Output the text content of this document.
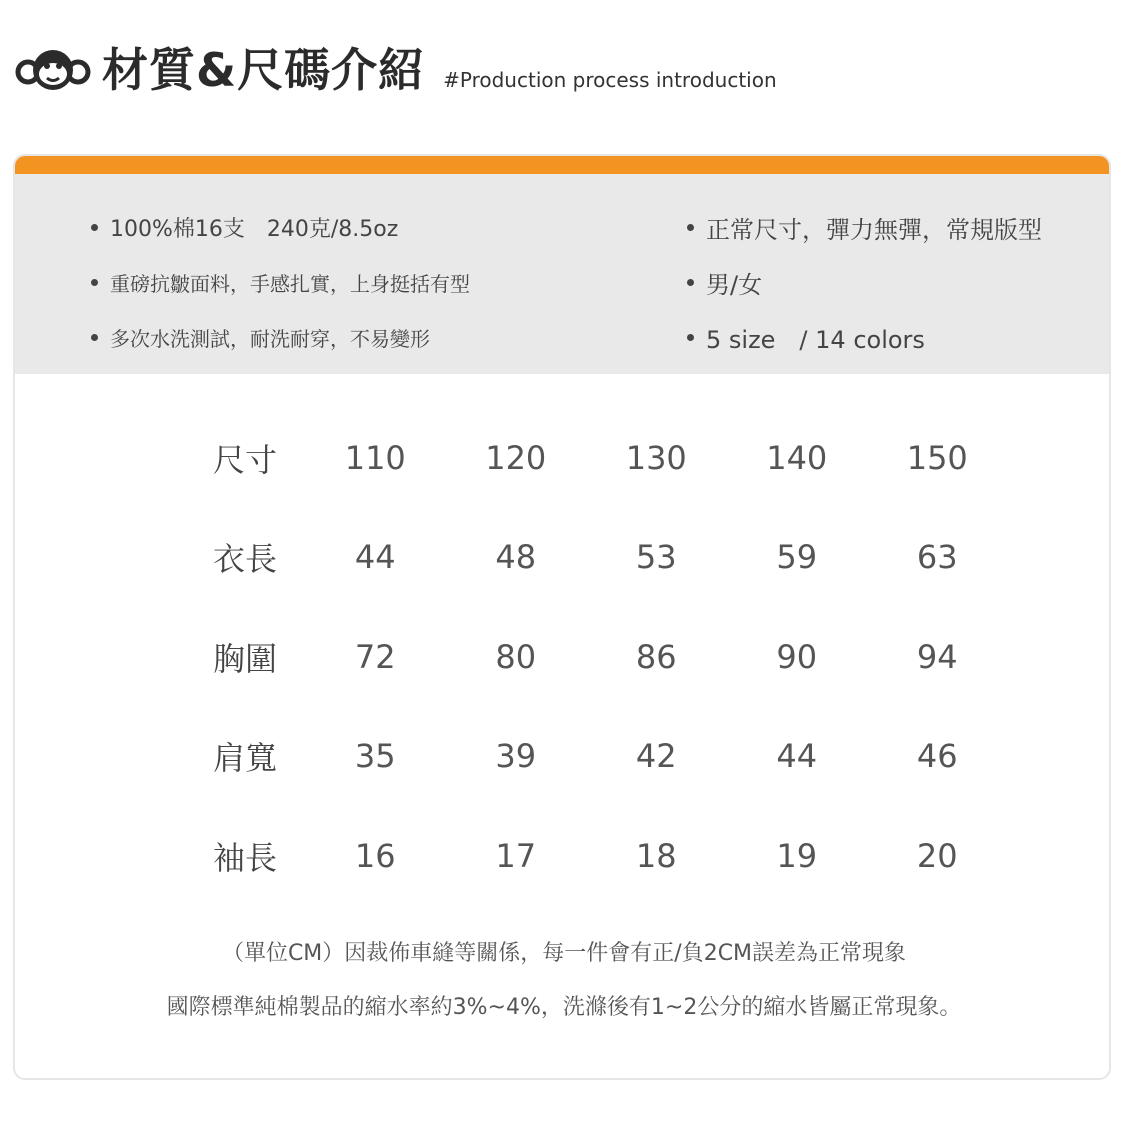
材質&尺碼介紹 #Production process introduction
100%棉16支　240克/8.5oz
重磅抗皺面料，手感扎實，上身挺括有型
多次水洗測試，耐洗耐穿，不易變形
正常尺寸，彈力無彈，常規版型
男/女
5 size　/ 14 colors
尺寸	110	120	130	140	150
衣長	44	48	53	59	63
胸圍	72	80	86	90	94
肩寬	35	39	42	44	46
袖長	16	17	18	19	20
（單位CM）因裁佈車縫等關係，每一件會有正/負2CM誤差為正常現象
國際標準純棉製品的縮水率約3%~4%，洗滌後有1~2公分的縮水皆屬正常現象。
